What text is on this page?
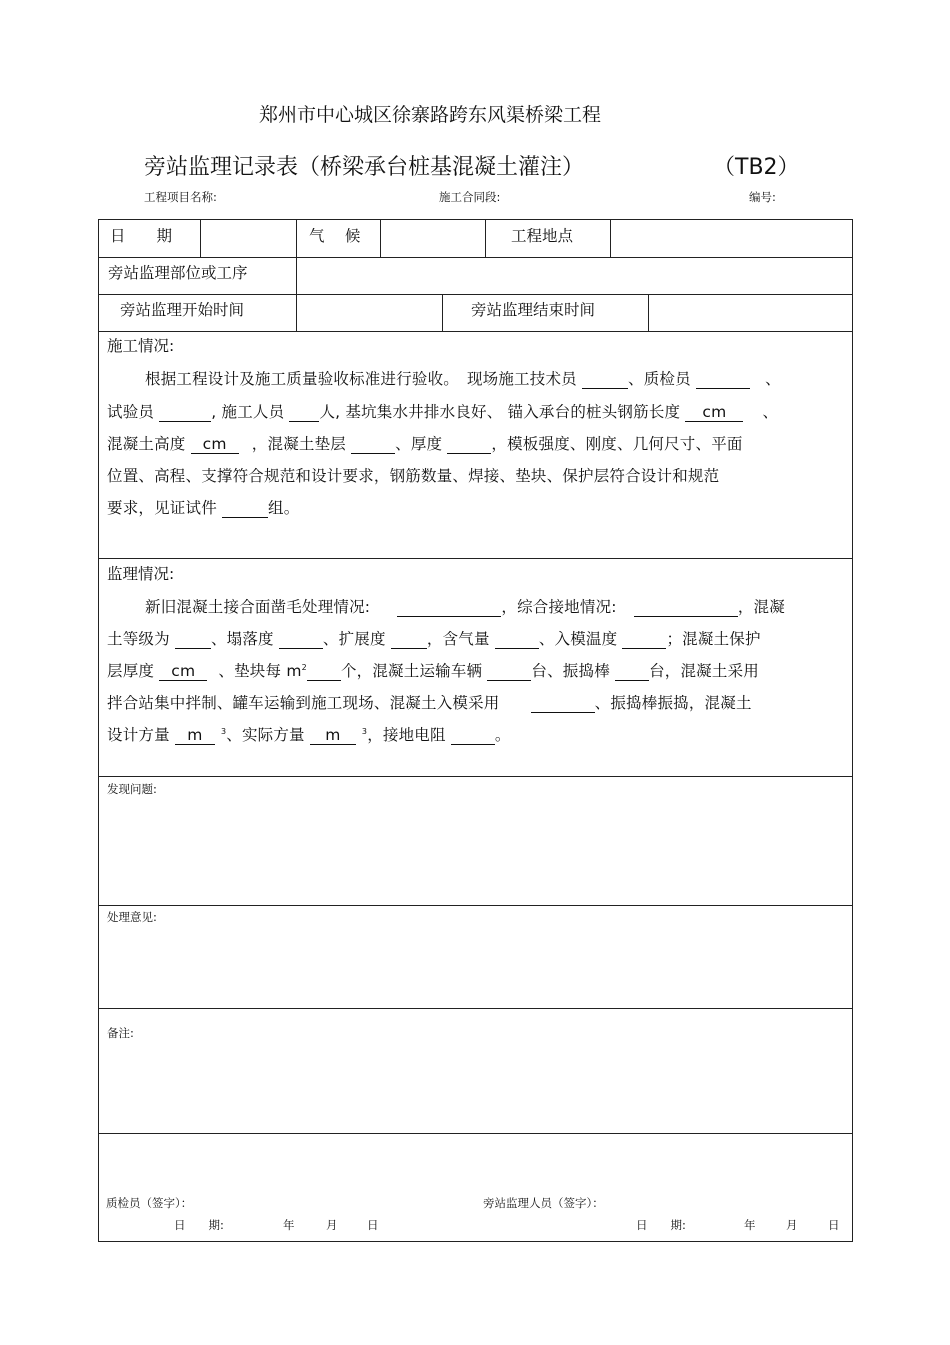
郑州市中心城区徐寨路跨东风渠桥梁工程
旁站监理记录表（桥梁承台桩基混凝土灌注）	（TB2）
工程项目名称:	施工合同段:	编号:
日　　期	气　 候	工程地点
旁站监理部位或工序
旁站监理开始时间	旁站监理结束时间
施工情况:
根据工程设计及施工质量验收标准进行验收。　现场施工技术员	、质检员	、
试验员	, 施工人员 人, 基坑集水井排水良好、 锚入承台的桩头钢筋长度 cm 、
混凝土高度 cm ，混凝土垫层	、厚度	，模板强度、刚度、几何尺寸、平面
位置、高程、支撑符合规范和设计要求，钢筋数量、焊接、垫块、保护层符合设计和规范
要求，见证试件	组。
监理情况:
新旧混凝土接合面凿毛处理情况:	，综合接地情况:	，混凝
土等级为	、塌落度	、扩展度	，含气量	、入模温度	；混凝土保护
层厚度 cm 、垫块每 $m^2$ 个，混凝土运输车辆	台、振捣棒	台，混凝土采用
拌合站集中拌制、罐车运输到施工现场、混凝土入模采用	、振捣棒振捣，混凝土
设计方量 m $^3$、实际方量 m	$^3$，接地电阻	。
发现问题:
处理意见:
备注:
质检员（签字）：	旁站监理人员（签字）：
日　　期:	年	月	日	日　　期:	年	月	日
